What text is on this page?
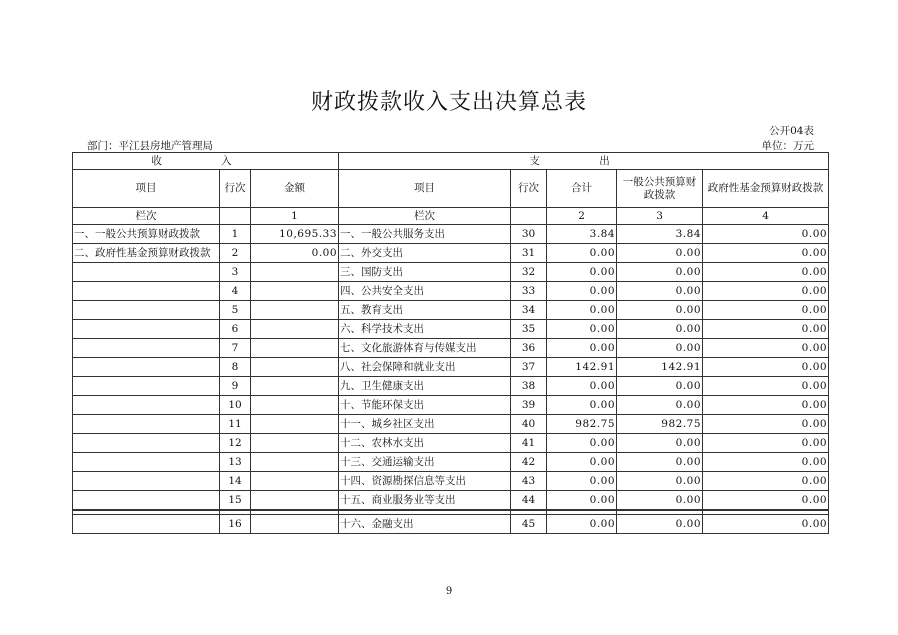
财政拨款收入支出决算总表
公开04表
部门：平江县房地产管理局	单位：万元
收 入			支 出				
项目	行次	金额	项目	行次	合计	一般公共预算财政拨款	政府性基金预算财政拨款
栏次		1	栏次		2	3	4
一、一般公共预算财政拨款	1	10,695.33	一、一般公共服务支出	30	3.84	3.84	0.00
二、政府性基金预算财政拨款	2	0.00	二、外交支出	31	0.00	0.00	0.00
	3		三、国防支出	32	0.00	0.00	0.00
	4		四、公共安全支出	33	0.00	0.00	0.00
	5		五、教育支出	34	0.00	0.00	0.00
	6		六、科学技术支出	35	0.00	0.00	0.00
	7		七、文化旅游体育与传媒支出	36	0.00	0.00	0.00
	8		八、社会保障和就业支出	37	142.91	142.91	0.00
	9		九、卫生健康支出	38	0.00	0.00	0.00
	10		十、节能环保支出	39	0.00	0.00	0.00
	11		十一、城乡社区支出	40	982.75	982.75	0.00
	12		十二、农林水支出	41	0.00	0.00	0.00
	13		十三、交通运输支出	42	0.00	0.00	0.00
	14		十四、资源勘探信息等支出	43	0.00	0.00	0.00
	15		十五、商业服务业等支出	44	0.00	0.00	0.00

	16		十六、金融支出	45	0.00	0.00	0.00
9
